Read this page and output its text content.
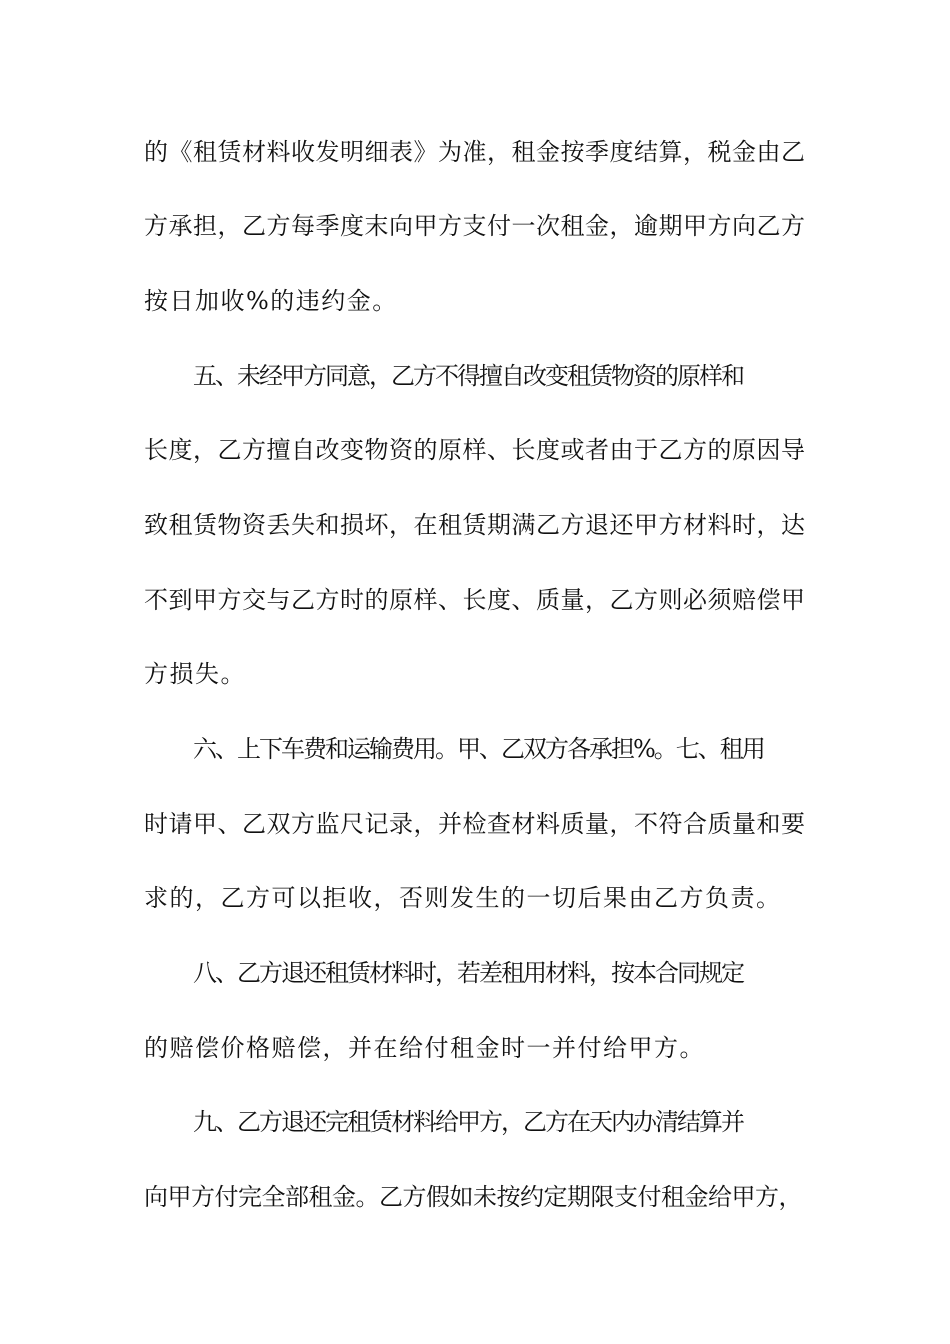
的《租赁材料收发明细表》为准，租金按季度结算，税金由乙
方承担，乙方每季度末向甲方支付一次租金，逾期甲方向乙方
按日加收%的违约金。
五、未经甲方同意，乙方不得擅自改变租赁物资的原样和
长度，乙方擅自改变物资的原样、长度或者由于乙方的原因导
致租赁物资丢失和损坏，在租赁期满乙方退还甲方材料时，达
不到甲方交与乙方时的原样、长度、质量，乙方则必须赔偿甲
方损失。
六、上下车费和运输费用。甲、乙双方各承担%。七、租用
时请甲、乙双方监尺记录，并检查材料质量，不符合质量和要
求的，乙方可以拒收，否则发生的一切后果由乙方负责。
八、乙方退还租赁材料时，若差租用材料，按本合同规定
的赔偿价格赔偿，并在给付租金时一并付给甲方。
九、乙方退还完租赁材料给甲方，乙方在天内办清结算并
向甲方付完全部租金。乙方假如未按约定期限支付租金给甲方，
